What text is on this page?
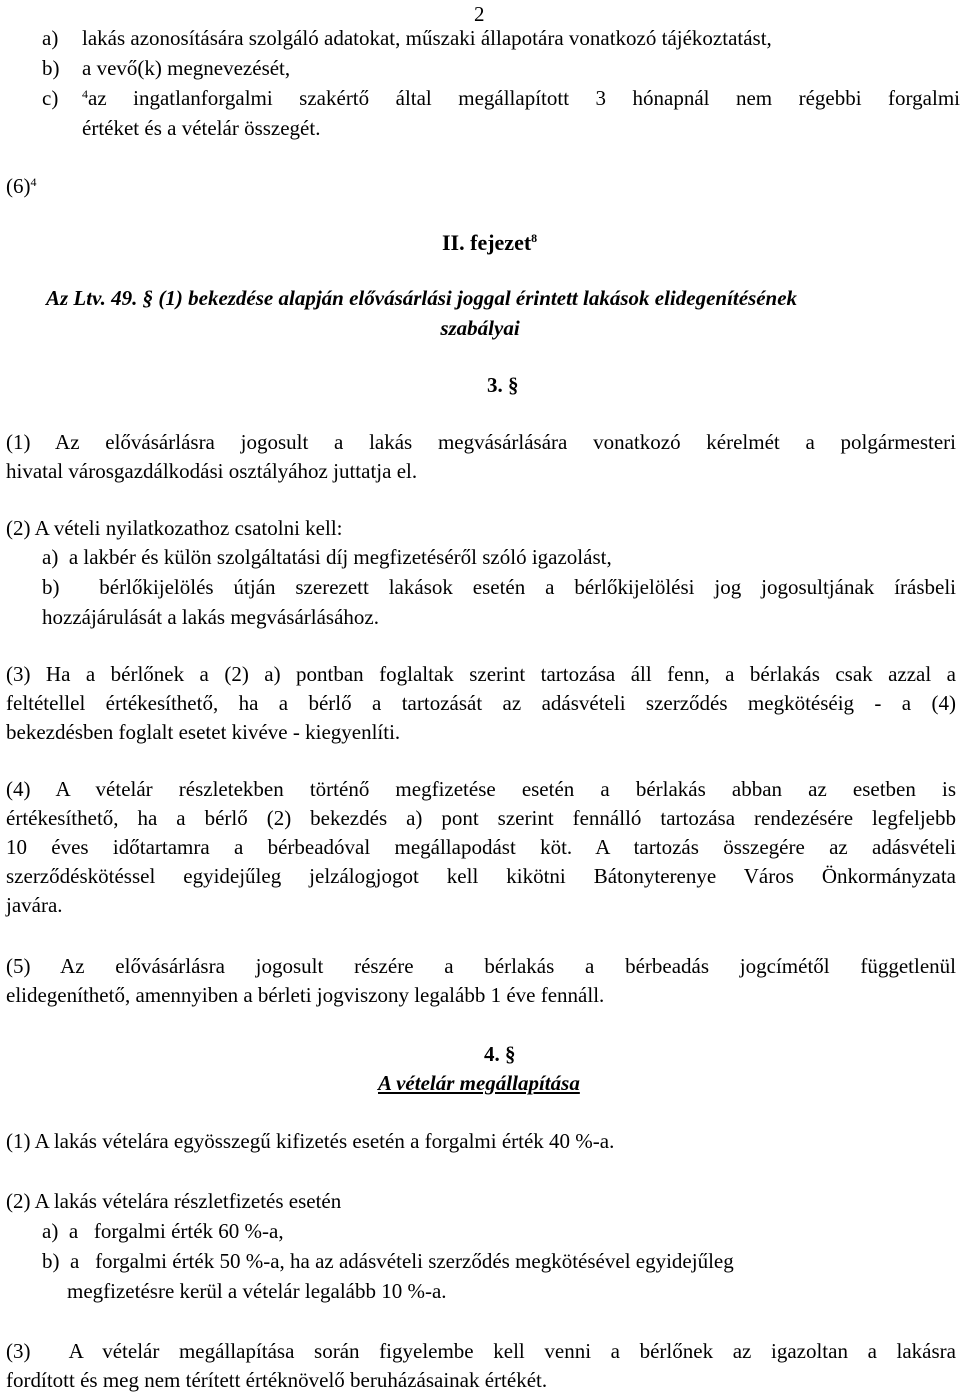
2
a) lakás azonosítására szolgáló adatokat, műszaki állapotára vonatkozó tájékoztatást,
b) a vevő(k) megnevezését,
c) $^4$az ingatlanforgalmi szakértő által megállapított 3 hónapnál nem régebbi forgalmi
értéket és a vételár összegét.
$(6)^4$
II. fejezet$^8$
Az Ltv. 49. § (1) bekezdése alapján elővásárlási joggal érintett lakások elidegenítésének
szabályai
3. §
(1) Az elővásárlásra jogosult a lakás megvásárlására vonatkozó kérelmét a polgármesteri
hivatal városgazdálkodási osztályához juttatja el.
(2) A vételi nyilatkozathoz csatolni kell:
a)  a lakbér és külön szolgáltatási díj megfizetéséről szóló igazolást,
b)  bérlőkijelölés útján szerezett lakások esetén a bérlőkijelölési jog jogosultjának írásbeli
hozzájárulását a lakás megvásárlásához.
(3) Ha a bérlőnek a (2) a) pontban foglaltak szerint tartozása áll fenn, a bérlakás csak azzal a
feltétellel értékesíthető, ha a bérlő a tartozását az adásvételi szerződés megkötéséig - a (4)
bekezdésben foglalt esetet kivéve - kiegyenlíti.
(4) A vételár részletekben történő megfizetése esetén a bérlakás abban az esetben is
értékesíthető, ha a bérlő (2) bekezdés a) pont szerint fennálló tartozása rendezésére legfeljebb
10 éves időtartamra a bérbeadóval megállapodást köt. A tartozás összegére az adásvételi
szerződéskötéssel egyidejűleg jelzálogjogot kell kikötni Bátonyterenye Város Önkormányzata
javára.
(5) Az elővásárlásra jogosult részére a bérlakás a bérbeadás jogcímétől függetlenül
elidegeníthető, amennyiben a bérleti jogviszony legalább 1 éve fennáll.
4. §
A vételár megállapítása
(1) A lakás vételára egyösszegű kifizetés esetén a forgalmi érték 40 %-a.
(2) A lakás vételára részletfizetés esetén
a)  a   forgalmi érték 60 %-a,
b)  a   forgalmi érték 50 %-a, ha az adásvételi szerződés megkötésével egyidejűleg
megfizetésre kerül a vételár legalább 10 %-a.
(3)  A vételár megállapítása során figyelembe kell venni a bérlőnek az igazoltan a lakásra
fordított és meg nem térített értéknövelő beruházásainak értékét.
